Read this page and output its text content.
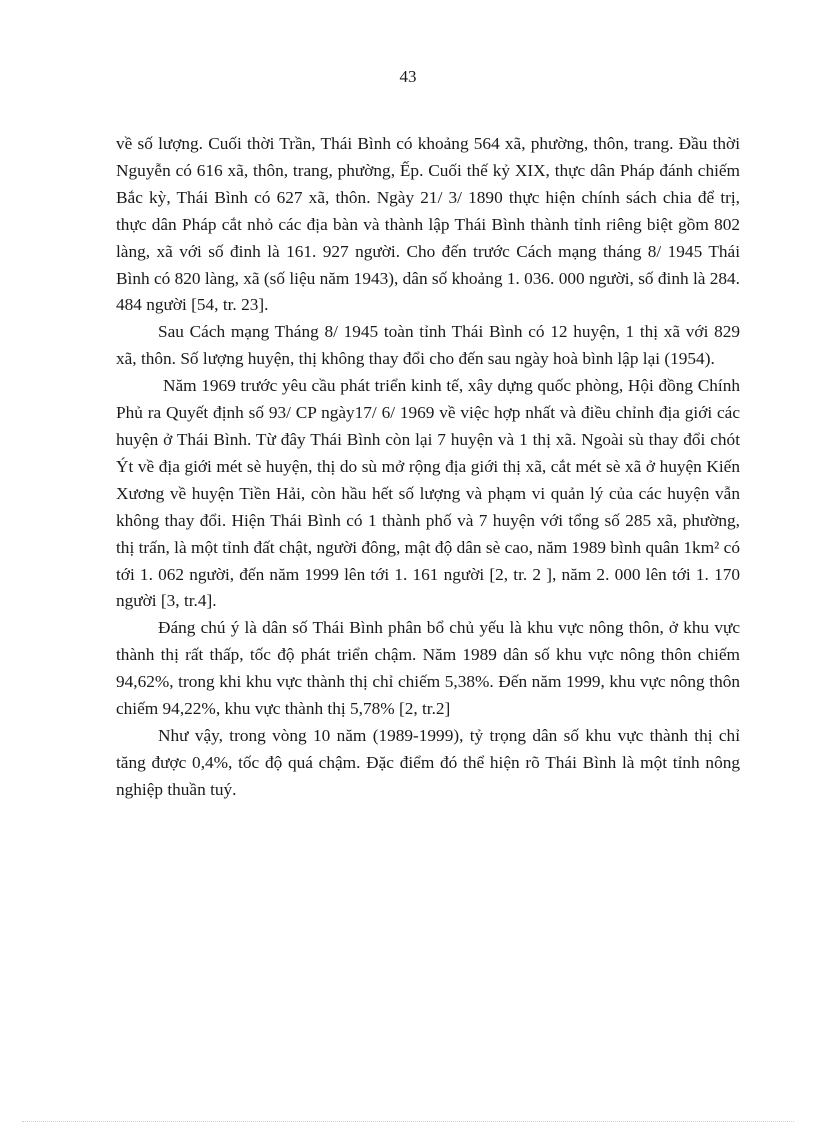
43

về số lượng. Cuối thời Trần, Thái Bình có khoảng 564 xã, phường, thôn, trang. Đầu thời Nguyễn có 616 xã, thôn, trang, phường, Ếp. Cuối thế kỷ XIX, thực dân Pháp đánh chiếm Bắc kỳ, Thái Bình có 627 xã, thôn. Ngày 21/ 3/ 1890 thực hiện chính sách chia để trị, thực dân Pháp cắt nhỏ các địa bàn và thành lập Thái Bình thành tỉnh riêng biệt gồm 802 làng, xã với số đinh là 161. 927 người. Cho đến trước Cách mạng tháng 8/ 1945 Thái Bình có 820 làng, xã (số liệu năm 1943), dân số khoảng 1. 036. 000 người, số đinh là 284. 484 người [54, tr. 23].

Sau Cách mạng Tháng 8/ 1945 toàn tỉnh Thái Bình có 12 huyện, 1 thị xã với 829 xã, thôn. Số lượng huyện, thị không thay đổi cho đến sau ngày hoà bình lập lại (1954).

Năm 1969 trước yêu cầu phát triển kinh tế, xây dựng quốc phòng, Hội đồng Chính Phủ ra Quyết định số 93/ CP ngày17/ 6/ 1969 về việc hợp nhất và điều chỉnh địa giới các huyện ở Thái Bình. Từ đây Thái Bình còn lại 7 huyện và 1 thị xã. Ngoài sù thay đổi chót Ýt về địa giới mét sè huyện, thị do sù mở rộng địa giới thị xã, cắt mét sè xã ở huyện Kiến Xương về huyện Tiền Hải, còn hầu hết số lượng và phạm vi quản lý của các huyện vẫn không thay đổi. Hiện Thái Bình có 1 thành phố và 7 huyện với tổng số 285 xã, phường, thị trấn, là một tỉnh đất chật, người đông, mật độ dân sè cao, năm 1989 bình quân 1km² có tới 1. 062 người, đến năm 1999 lên tới 1. 161 người [2, tr. 2 ], năm 2. 000 lên tới 1. 170 người [3, tr.4].

Đáng chú ý là dân số Thái Bình phân bổ chủ yếu là khu vực nông thôn, ở khu vực thành thị rất thấp, tốc độ phát triển chậm. Năm 1989 dân số khu vực nông thôn chiếm 94,62%, trong khi khu vực thành thị chỉ chiếm 5,38%. Đến năm 1999, khu vực nông thôn chiếm 94,22%, khu vực thành thị 5,78% [2, tr.2]

Như vậy, trong vòng 10 năm (1989-1999), tỷ trọng dân số khu vực thành thị chỉ tăng được 0,4%, tốc độ quá chậm. Đặc điểm đó thể hiện rõ Thái Bình là một tỉnh nông nghiệp thuần tuý.
